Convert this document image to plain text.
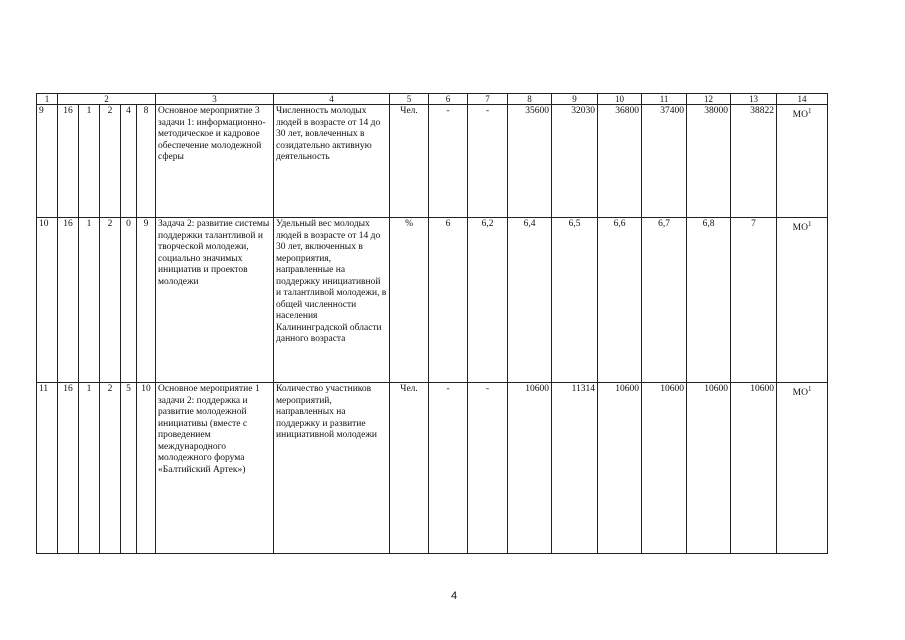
1	2					3	4	5	6	7	8	9	10	11	12	13	14
9	16	1	2	4	8	Основное мероприятие 3 задачи 1: информационно-методическое и кадровое обеспечение молодежной сферы	Численность молодых людей в возрасте от 14 до 30 лет, вовлеченных в созидательно активную деятельность	Чел.	-	-	35600	32030	36800	37400	38000	38822	$МО^1$
10	16	1	2	0	9	Задача 2: развитие системы поддержки талантливой и творческой молодежи, социально значимых инициатив и проектов молодежи	Удельный вес молодых людей в возрасте от 14 до 30 лет, включенных в мероприятия, направленные на поддержку инициативной и талантливой молодежи, в общей численности населения Калининградской области данного возраста	%	6	6,2	6,4	6,5	6,6	6,7	6,8	7	$МО^1$
11	16	1	2	5	10	Основное мероприятие 1 задачи 2: поддержка и развитие молодежной инициативы (вместе с проведением международного молодежного форума «Балтийский Артек»)	Количество участников мероприятий, направленных на поддержку и развитие инициативной молодежи	Чел.	-	-	10600	11314	10600	10600	10600	10600	$МО^1$
4
